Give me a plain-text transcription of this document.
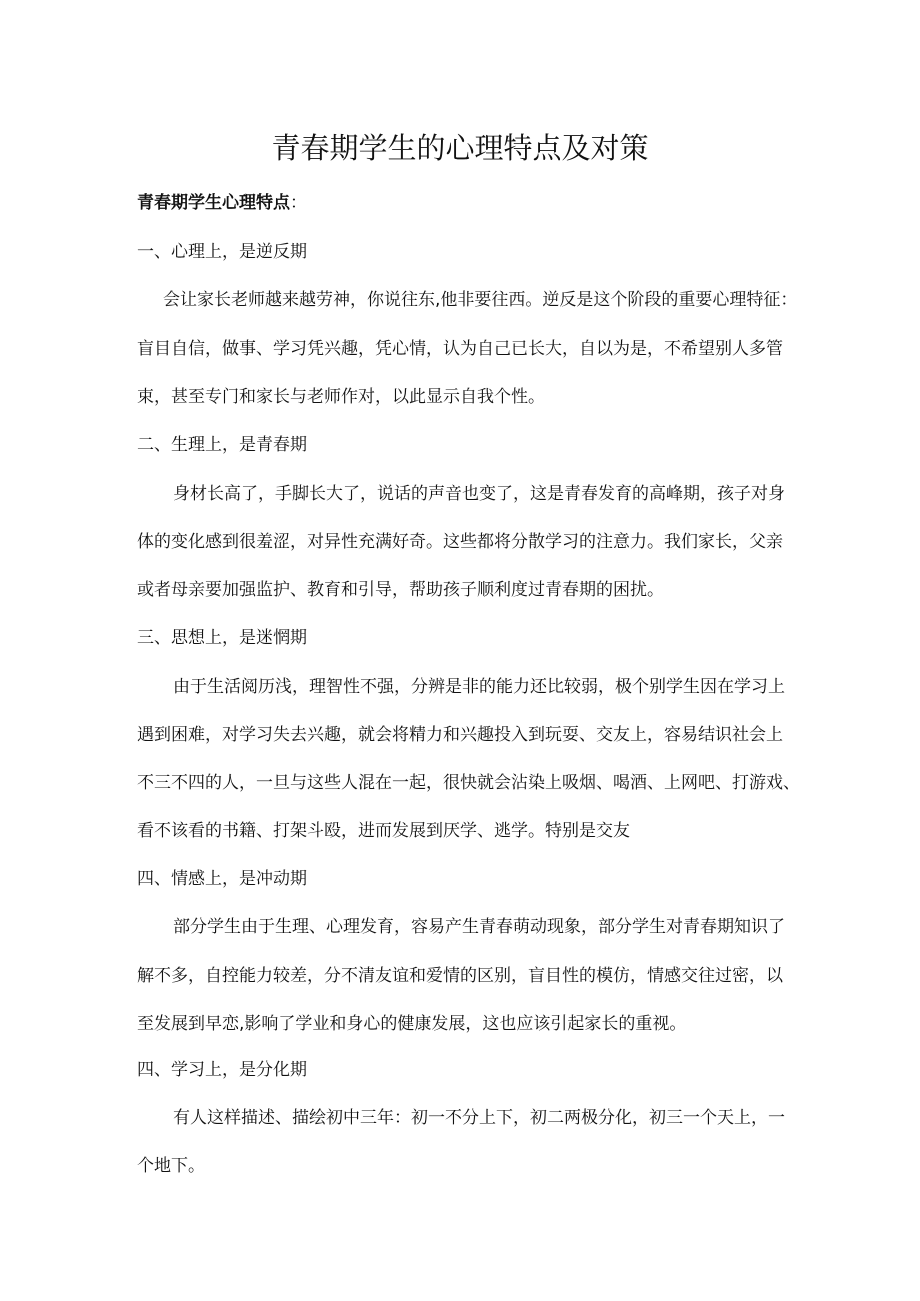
青春期学生的心理特点及对策

青春期学生心理特点：

一、心理上，是逆反期

会让家长老师越来越劳神，你说往东,他非要往西。逆反是这个阶段的重要心理特征：

盲目自信，做事、学习凭兴趣，凭心情，认为自己已长大，自以为是，不希望别人多管

束，甚至专门和家长与老师作对，以此显示自我个性。

二、生理上，是青春期

身材长高了，手脚长大了，说话的声音也变了，这是青春发育的高峰期，孩子对身

体的变化感到很羞涩，对异性充满好奇。这些都将分散学习的注意力。我们家长，父亲

或者母亲要加强监护、教育和引导，帮助孩子顺利度过青春期的困扰。

三、思想上，是迷惘期

由于生活阅历浅，理智性不强，分辨是非的能力还比较弱，极个别学生因在学习上

遇到困难，对学习失去兴趣，就会将精力和兴趣投入到玩耍、交友上，容易结识社会上

不三不四的人，一旦与这些人混在一起，很快就会沾染上吸烟、喝酒、上网吧、打游戏、

看不该看的书籍、打架斗殴，进而发展到厌学、逃学。特别是交友

四、情感上，是冲动期

部分学生由于生理、心理发育，容易产生青春萌动现象，部分学生对青春期知识了

解不多，自控能力较差，分不清友谊和爱情的区别，盲目性的模仿，情感交往过密，以

至发展到早恋,影响了学业和身心的健康发展，这也应该引起家长的重视。

四、学习上，是分化期

有人这样描述、描绘初中三年：初一不分上下，初二两极分化，初三一个天上，一

个地下。
